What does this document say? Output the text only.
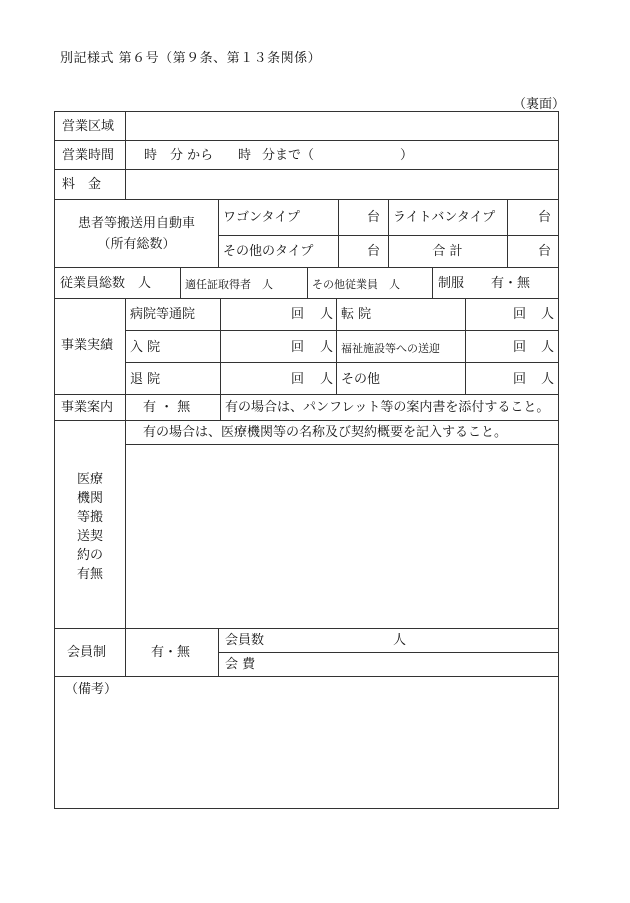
別記様式 第６号（第９条、第１３条関係）
（裏面）
営業区域
営業時間 時 分 から 時 分まで（	）
料　金
患者等搬送用自動車
（所有総数）
ワゴンタイプ	台 ライトバンタイプ	台
その他のタイプ	台	合 計	台
従業員総数　人	適任証取得者　人	その他従業員　人	制服 有・無
事業実績
病院等通院	回 人 転 院	回 人
入 院	回 人 福祉施設等への送迎	回 人
退 院	回 人 その他	回 人
事業案内 有 ・ 無	有の場合は、パンフレット等の案内書を添付すること。
有の場合は、医療機関等の名称及び契約概要を記入すること。
医療
機関
等搬
送契
約の
有無
会員制	有・無
会員数	人
会 費
（備考）
